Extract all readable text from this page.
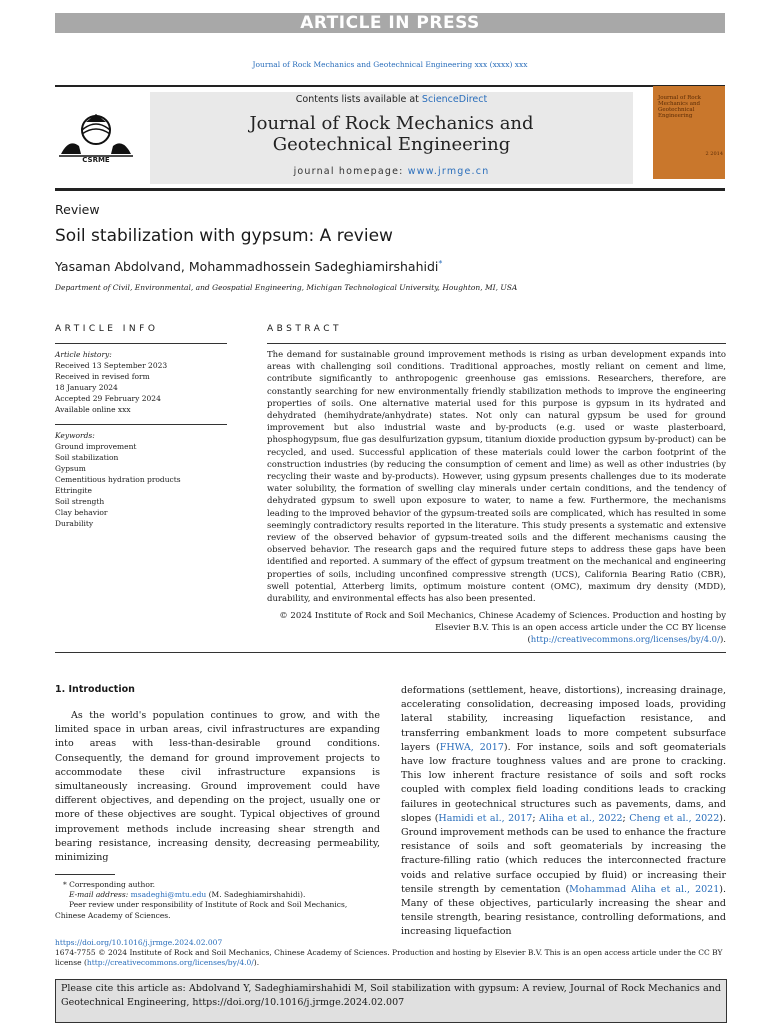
ARTICLE IN PRESS
Journal of Rock Mechanics and Geotechnical Engineering xxx (xxxx) xxx
Contents lists available at ScienceDirect
Journal of Rock Mechanics and
Geotechnical Engineering
journal homepage: www.jrmge.cn
CSRME
Journal of Rock Mechanics and Geotechnical Engineering
2 2014
Review
Soil stabilization with gypsum: A review
Yasaman Abdolvand, Mohammadhossein Sadeghiamirshahidi*
Department of Civil, Environmental, and Geospatial Engineering, Michigan Technological University, Houghton, MI, USA
ARTICLE INFO	ABSTRACT
Article history:
Received 13 September 2023
Received in revised form
18 January 2024
Accepted 29 February 2024
Available online xxx
Keywords:
Ground improvement
Soil stabilization
Gypsum
Cementitious hydration products
Ettringite
Soil strength
Clay behavior
Durability
The demand for sustainable ground improvement methods is rising as urban development expands into areas with challenging soil conditions. Traditional approaches, mostly reliant on cement and lime, contribute significantly to anthropogenic greenhouse gas emissions. Researchers, therefore, are constantly searching for new environmentally friendly stabilization methods to improve the engineering properties of soils. One alternative material used for this purpose is gypsum in its hydrated and dehydrated (hemihydrate/anhydrate) states. Not only can natural gypsum be used for ground improvement but also industrial waste and by-products (e.g. used or waste plasterboard, phosphogypsum, flue gas desulfurization gypsum, titanium dioxide production gypsum by-product) can be recycled, and used. Successful application of these materials could lower the carbon footprint of the construction industries (by reducing the consumption of cement and lime) as well as other industries (by recycling their waste and by-products). However, using gypsum presents challenges due to its moderate water solubility, the formation of swelling clay minerals under certain conditions, and the tendency of dehydrated gypsum to swell upon exposure to water, to name a few. Furthermore, the mechanisms leading to the improved behavior of the gypsum-treated soils are complicated, which has resulted in some seemingly contradictory results reported in the literature. This study presents a systematic and extensive review of the observed behavior of gypsum-treated soils and the different mechanisms causing the observed behavior. The research gaps and the required future steps to address these gaps have been identified and reported. A summary of the effect of gypsum treatment on the mechanical and engineering properties of soils, including unconfined compressive strength (UCS), California Bearing Ratio (CBR), swell potential, Atterberg limits, optimum moisture content (OMC), maximum dry density (MDD), durability, and environmental effects has also been presented.
© 2024 Institute of Rock and Soil Mechanics, Chinese Academy of Sciences. Production and hosting by Elsevier B.V. This is an open access article under the CC BY license (http://creativecommons.org/licenses/by/4.0/).
1. Introduction

As the world's population continues to grow, and with the limited space in urban areas, civil infrastructures are expanding into areas with less-than-desirable ground conditions. Consequently, the demand for ground improvement projects to accommodate these civil infrastructure expansions is simultaneously increasing. Ground improvement could have different objectives, and depending on the project, usually one or more of these objectives are sought. Typical objectives of ground improvement methods include increasing shear strength and bearing resistance, increasing density, decreasing permeability, minimizing

deformations (settlement, heave, distortions), increasing drainage, accelerating consolidation, decreasing imposed loads, providing lateral stability, increasing liquefaction resistance, and transferring embankment loads to more competent subsurface layers (FHWA, 2017). For instance, soils and soft geomaterials have low fracture toughness values and are prone to cracking. This low inherent fracture resistance of soils and soft rocks coupled with complex field loading conditions leads to cracking failures in geotechnical structures such as pavements, dams, and slopes (Hamidi et al., 2017; Aliha et al., 2022; Cheng et al., 2022). Ground improvement methods can be used to enhance the fracture resistance of soils and soft geomaterials by increasing the fracture-filling ratio (which reduces the interconnected fracture voids and relative surface occupied by fluid) or increasing their tensile strength by cementation (Mohammad Aliha et al., 2021). Many of these objectives, particularly increasing the shear and tensile strength, bearing resistance, controlling deformations, and increasing liquefaction

* Corresponding author.
E-mail address: msadeghi@mtu.edu (M. Sadeghiamirshahidi).
Peer review under responsibility of Institute of Rock and Soil Mechanics, Chinese Academy of Sciences.
https://doi.org/10.1016/j.jrmge.2024.02.007
1674-7755 © 2024 Institute of Rock and Soil Mechanics, Chinese Academy of Sciences. Production and hosting by Elsevier B.V. This is an open access article under the CC BY license (http://creativecommons.org/licenses/by/4.0/).
Please cite this article as: Abdolvand Y, Sadeghiamirshahidi M, Soil stabilization with gypsum: A review, Journal of Rock Mechanics and Geotechnical Engineering, https://doi.org/10.1016/j.jrmge.2024.02.007
